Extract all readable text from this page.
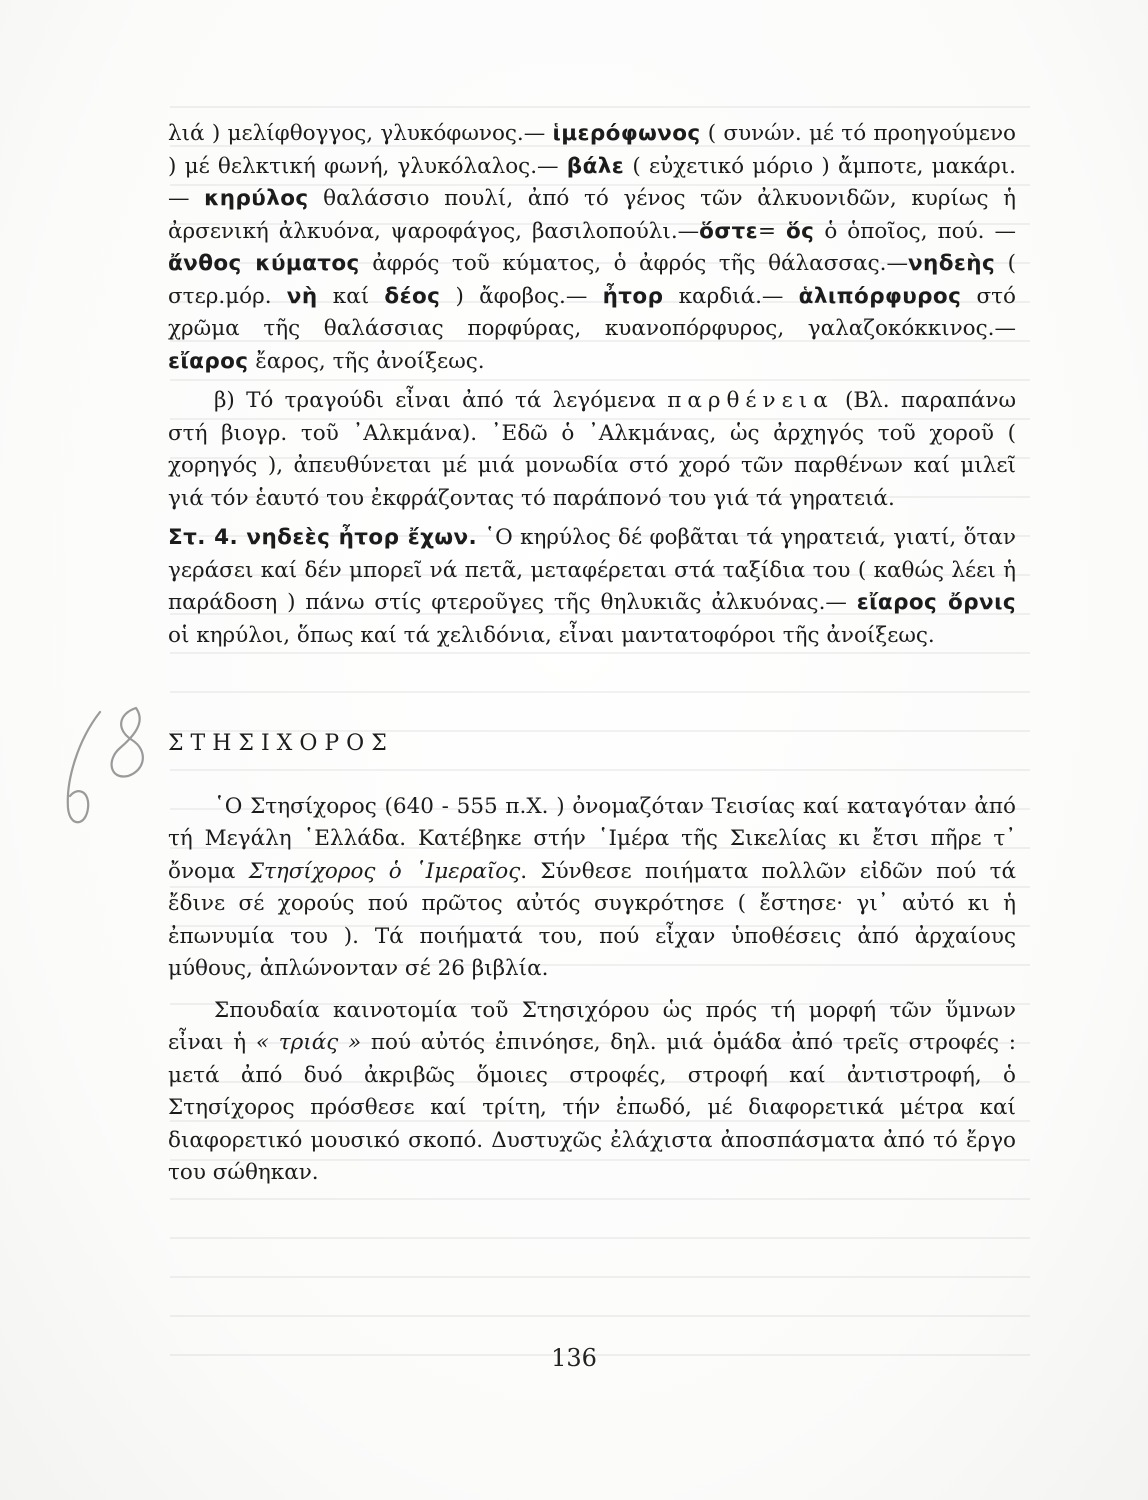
λιά ) μελίφθογγος, γλυκόφωνος.— ἱμερόφωνος ( συνών. μέ τό προηγούμενο ) μέ θελκτική φωνή, γλυκόλαλος.— βάλε ( εὐχετικό μόριο ) ἄμποτε, μακάρι.— κηρύλος θαλάσσιο πουλί, ἀπό τό γένος τῶν ἀλκυονιδῶν, κυρίως ἡ ἀρσενική ἀλκυόνα, ψαροφάγος, βασιλοπούλι.—ὅστε= ὅς ὁ ὁποῖος, πού. — ἄνθος κύματος ἀφρός τοῦ κύματος, ὁ ἀφρός τῆς θάλασσας.—νηδεὴς ( στερ.μόρ. νὴ καί δέος ) ἄφοβος.— ἦτορ καρδιά.— ἁλιπόρφυρος στό χρῶμα τῆς θαλάσσιας πορφύρας, κυανοπόρφυρος, γαλαζοκόκκινος.— εἴαρος ἔαρος, τῆς ἀνοίξεως.

β) Τό τραγούδι εἶναι ἀπό τά λεγόμενα παρθένεια (Βλ. παραπάνω στή βιογρ. τοῦ ᾿Αλκμάνα). ᾿Εδῶ ὁ ᾿Αλκμάνας, ὡς ἀρχηγός τοῦ χοροῦ ( χορηγός ), ἀπευθύνεται μέ μιά μονωδία στό χορό τῶν παρθένων καί μιλεῖ γιά τόν ἑαυτό του ἐκφράζοντας τό παράπονό του γιά τά γηρατειά.

Στ. 4. νηδεὲς ἦτορ ἔχων. ῾Ο κηρύλος δέ φοβᾶται τά γηρατειά, γιατί, ὅταν γεράσει καί δέν μπορεῖ νά πετᾶ, μεταφέρεται στά ταξίδια του ( καθώς λέει ἡ παράδοση ) πάνω στίς φτεροῦγες τῆς θηλυκιᾶς ἀλκυόνας.— εἴαρος ὄρνις οἱ κηρύλοι, ὅπως καί τά χελιδόνια, εἶναι μαντατοφόροι τῆς ἀνοίξεως.

ΣΤΗΣΙΧΟΡΟΣ

῾Ο Στησίχορος (640 - 555 π.Χ. ) ὀνομαζόταν Τεισίας καί καταγόταν ἀπό τή Μεγάλη ῾Ελλάδα. Κατέβηκε στήν ῾Ιμέρα τῆς Σικελίας κι ἔτσι πῆρε τ᾿ ὄνομα Στησίχορος ὁ ῾Ιμεραῖος. Σύνθεσε ποιήματα πολλῶν εἰδῶν πού τά ἔδινε σέ χορούς πού πρῶτος αὐτός συγκρότησε ( ἔστησε· γι᾿ αὐτό κι ἡ ἐπωνυμία του ). Τά ποιήματά του, πού εἶχαν ὑποθέσεις ἀπό ἀρχαίους μύθους, ἁπλώνονταν σέ 26 βιβλία.

Σπουδαία καινοτομία τοῦ Στησιχόρου ὡς πρός τή μορφή τῶν ὕμνων εἶναι ἡ « τριάς » πού αὐτός ἐπινόησε, δηλ. μιά ὁμάδα ἀπό τρεῖς στροφές : μετά ἀπό δυό ἀκριβῶς ὅμοιες στροφές, στροφή καί ἀντιστροφή, ὁ Στησίχορος πρόσθεσε καί τρίτη, τήν ἐπωδό, μέ διαφορετικά μέτρα καί διαφορετικό μουσικό σκοπό. Δυστυχῶς ἐλάχιστα ἀποσπάσματα ἀπό τό ἔργο του σώθηκαν.

136
